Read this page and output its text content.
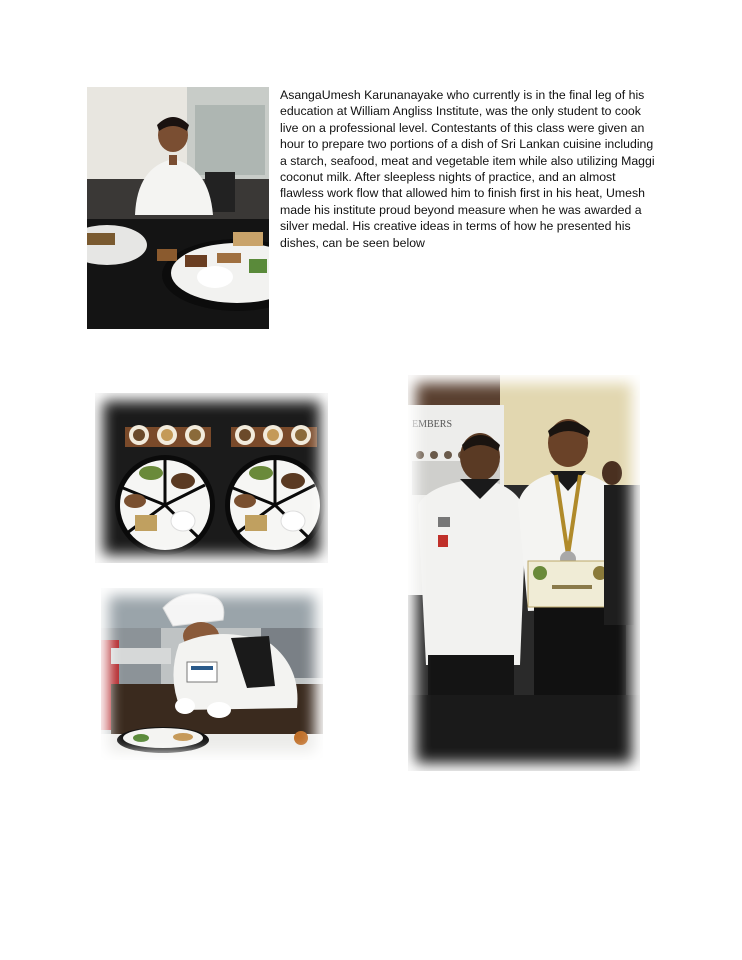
AsangaUmesh Karunanayake who currently is in the final leg of his education at William Angliss Institute, was the only student to cook live on a professional level. Contestants of this class were given an hour to prepare two portions of a dish of Sri Lankan cuisine including a starch, seafood, meat and vegetable item while also utilizing Maggi coconut milk. After sleepless nights of practice, and an almost flawless work flow that allowed him to finish first in his heat, Umesh made his institute proud beyond measure when he was awarded a silver medal. His creative ideas in terms of how he presented his dishes, can be seen below

EMBERS
